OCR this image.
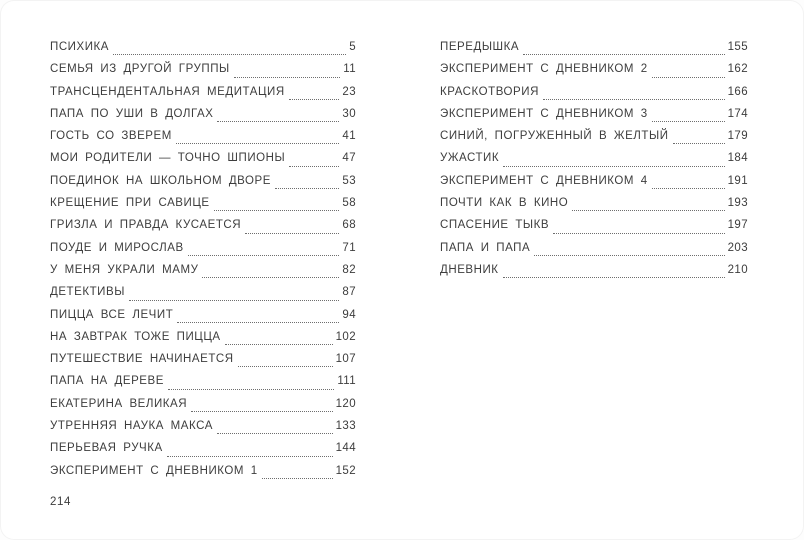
ПСИХИКА	5
СЕМЬЯ ИЗ ДРУГОЙ ГРУППЫ	11
ТРАНСЦЕНДЕНТАЛЬНАЯ МЕДИТАЦИЯ	23
ПАПА ПО УШИ В ДОЛГАХ	30
ГОСТЬ СО ЗВЕРЕМ	41
МОИ РОДИТЕЛИ — ТОЧНО ШПИОНЫ	47
ПОЕДИНОК НА ШКОЛЬНОМ ДВОРЕ	53
КРЕЩЕНИЕ ПРИ САВИЦЕ	58
ГРИЗЛА И ПРАВДА КУСАЕТСЯ	68
ПОУДЕ И МИРОСЛАВ	71
У МЕНЯ УКРАЛИ МАМУ	82
ДЕТЕКТИВЫ	87
ПИЦЦА ВСЕ ЛЕЧИТ	94
НА ЗАВТРАК ТОЖЕ ПИЦЦА	102
ПУТЕШЕСТВИЕ НАЧИНАЕТСЯ	107
ПАПА НА ДЕРЕВЕ	111
ЕКАТЕРИНА ВЕЛИКАЯ	120
УТРЕННЯЯ НАУКА МАКСА	133
ПЕРЬЕВАЯ РУЧКА	144
ЭКСПЕРИМЕНТ С ДНЕВНИКОМ 1	152
ПЕРЕДЫШКА	155
ЭКСПЕРИМЕНТ С ДНЕВНИКОМ 2	162
КРАСКОТВОРИЯ	166
ЭКСПЕРИМЕНТ С ДНЕВНИКОМ 3	174
СИНИЙ, ПОГРУЖЕННЫЙ В ЖЕЛТЫЙ	179
УЖАСТИК	184
ЭКСПЕРИМЕНТ С ДНЕВНИКОМ 4	191
ПОЧТИ КАК В КИНО	193
СПАСЕНИЕ ТЫКВ	197
ПАПА И ПАПА	203
ДНЕВНИК	210
214
